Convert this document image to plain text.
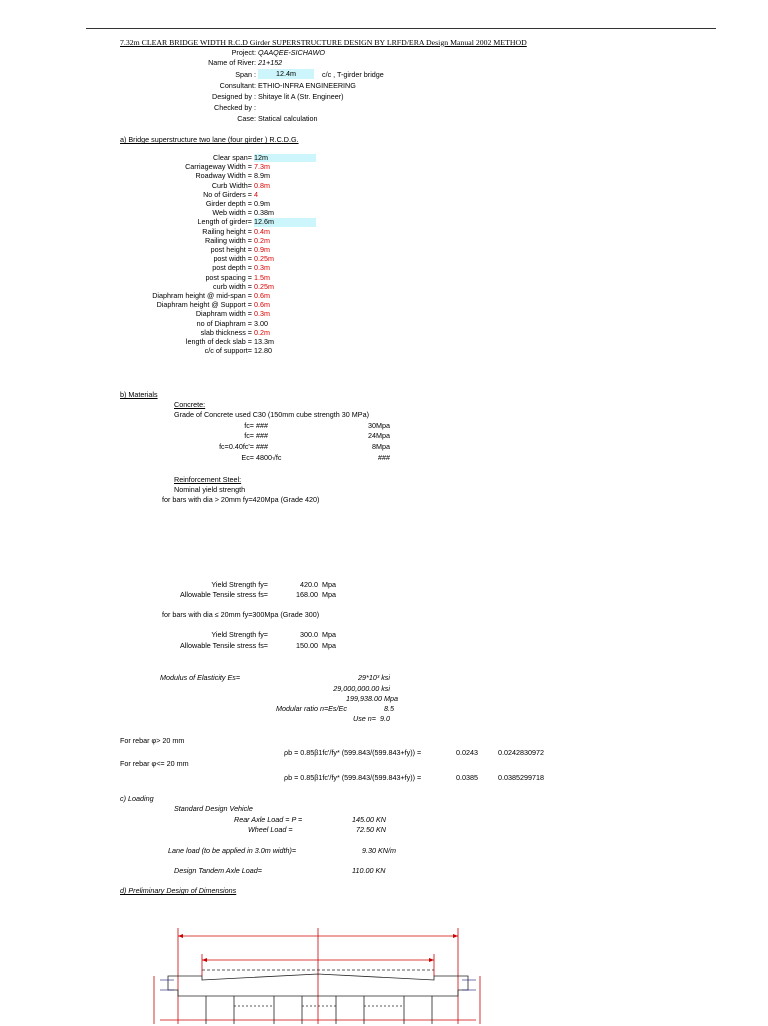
7.32m CLEAR BRIDGE WIDTH R.C.D Girder SUPERSTRUCTURE DESIGN BY LRFD/ERA Design Manual 2002 METHOD
Project: QAAQEE-SICHAWO
Name of River: 21+152
Span :	12.4m	c/c , T-girder bridge
Consultant: ETHIO-INFRA ENGINEERING
Designed by : Shitaye lit A (Str. Engineer)
Checked by :
Case: Statical calculation
a) Bridge superstructure two lane (four girder ) R.C.D.G.
Clear span= 12m
Carriageway Width = 7.3m
Roadway Width = 8.9m
Curb Width= 0.8m
No of Girders = 4
Girder depth = 0.9m
Web width = 0.38m
Length of girder= 12.6m
Railing height = 0.4m
Railing width = 0.2m
post height = 0.9m
post width = 0.25m
post depth = 0.3m
post spacing = 1.5m
curb width = 0.25m
Diaphram height @ mid-span = 0.6m
Diaphram height @ Support = 0.6m
Diaphram width = 0.3m
no of Diaphram = 3.00
slab thickness = 0.2m
length of deck slab = 13.3m
c/c of support= 12.80
b) Materials
Concrete:
Grade of Concrete used C30 (150mm cube strength 30 MPa)
fc= ###	30Mpa
fc= ###	24Mpa
fc=0.40fc'= ###	8Mpa
Ec= 4800√fc	###
Reinforcement Steel:
Nominal yield strength
for bars with dia > 20mm fy=420Mpa (Grade 420)
Yield Strength fy=	420.0 Mpa
Allowable Tensile stress fs=	168.00 Mpa
for bars with dia ≤ 20mm fy=300Mpa (Grade 300)
Yield Strength fy=	300.0 Mpa
Allowable Tensile stress fs=	150.00 Mpa
Modulus of Elasticity Es=	29*10³ ksi
29,000,000.00 ksi
199,938.00 Mpa
Modular ratio n=Es/Ec	8.5
Use n= 9.0
For rebar φ> 20 mm
ρb = 0.85β1fc'/fy* (599.843/(599.843+fy)) =	0.0243	0.0242830972
For rebar φ<= 20 mm
ρb = 0.85β1fc'/fy* (599.843/(599.843+fy)) =	0.0385	0.0385299718
c) Loading
Standard Design Vehicle
Rear Axle Load = P =	145.00 KN
Wheel Load =	72.50 KN
Lane load (to be applied in 3.0m width)=	9.30 KN/m
Design Tandem Axle Load=	110.00 KN
d) Preliminary Design of Dimensions
